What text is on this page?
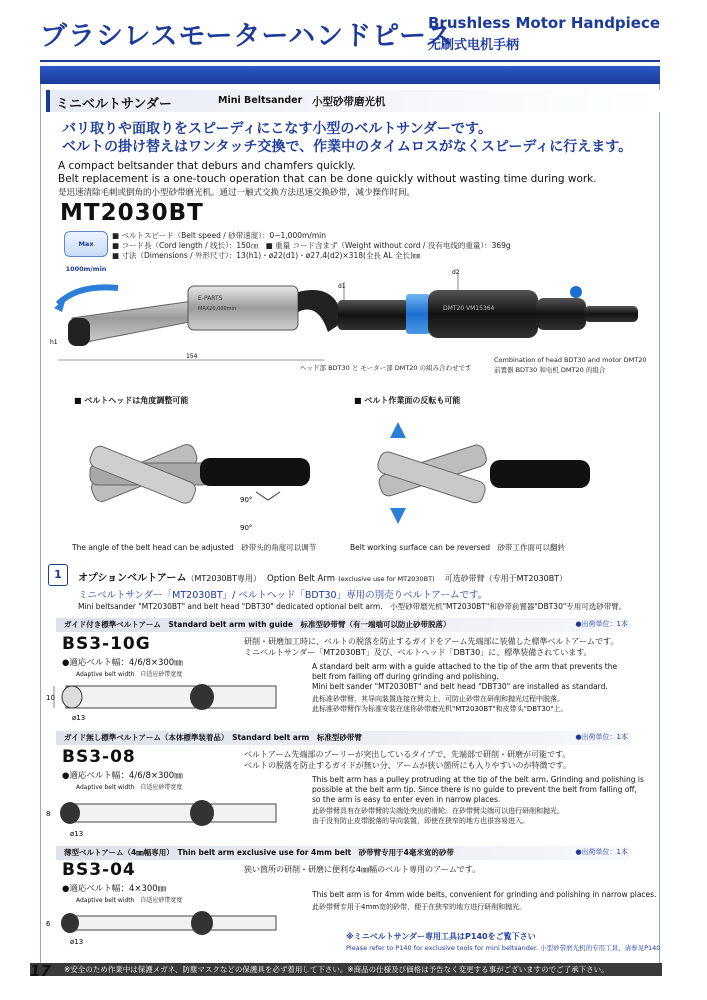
ブラシレスモーターハンドピース
Brushless Motor Handpiece
无刷式电机手柄
ミニベルトサンダー	Mini Beltsander 小型砂带磨光机
バリ取りや面取りをスピーディにこなす小型のベルトサンダーです。
ベルトの掛け替えはワンタッチ交換で、作業中のタイムロスがなくスピーディに行えます。
A compact beltsander that deburs and chamfers quickly.
Belt replacement is a one-touch operation that can be done quickly without wasting time during work.
是迅速清除毛刺或倒角的小型砂带磨光机。通过一触式交换方法迅速交换砂带，减少操作时间。
MT2030BT
Max 1000m/min
■ ベルトスピード（Belt speed / 砂带速度）：0~1,000m/min
■ コード長（Cord length / 线长）：150㎝　■ 重量 コード含まず（Weight without cord / 没有电线的重量）：369g
■ 寸法（Dimensions / 外形尺寸）：13(h1)・ø22(d1)・ø27.4(d2)×318(全長 AL 全长)㎜
E-PARTS
MAX20,000min	DMT20 VM15364
d1
d2
h1
154
ヘッド部 BDT30 と モーター部 DMT20 の組み合わせです
Combination of head BDT30 and motor DMT20
前置器 BDT30 和电机 DMT20 的组合
■ ベルトヘッドは角度調整可能	■ ベルト作業面の反転も可能
90°
90°
The angle of the belt head can be adjusted　砂带头的角度可以调节	Belt working surface can be reversed　砂带工作面可以翻转
1	オプションベルトアーム（MT2030BT専用）　 Option Belt Arm (exclusive use for MT2030BT)　 可选砂带臂（专用于MT2030BT）
ミニベルトサンダー「MT2030BT」/ ベルトヘッド「BDT30」専用の別売りベルトアームです。
Mini beltsander "MT2030BT" and belt head "DBT30" dedicated optional belt arm.　小型砂带磨光机"MT2030BT"和砂带前置器"DBT30"专用可选砂带臂。
ガイド付き標準ベルトアーム　Standard belt arm with guide　标准型砂带臂（有一端端可以防止砂带脱落）	●出荷単位：1本
BS3-10G
●適応ベルト幅：4/6/8×300㎜
Adaptive belt width　自适应砂带宽度
研削・研磨加工時に、ベルトの脱落を防止するガイドをアーム先端部に装備した標準ベルトアームです。
ミニベルトサンダー「MT2030BT」及び、ベルトヘッド「DBT30」に、標準装備されています。
A standard belt arm with a guide attached to the tip of the arm that prevents the
belt from falling off during grinding and polishing.
Mini belt sander "MT2030BT" and belt head "DBT30" are installed as standard.
此标准砂带臂，其导向装置连接在臂尖上，可防止砂带在研削和抛光过程中脱落。
此标准砂带臂作为标准安装在迷你砂带磨光机"MT2030BT"和皮带头"DBT30"上。
10
ø13
ガイド無し標準ベルトアーム（本体標準装着品）　Standard belt arm　标准型砂带臂	●出荷単位：1本
BS3-08
●適応ベルト幅：4/6/8×300㎜
Adaptive belt width　自适应砂带宽度
ベルトアーム先端部のプーリーが突出しているタイプで、先端部で研削・研磨が可能です。
ベルトの脱落を防止するガイドが無い分、アームが狭い箇所にも入りやすいのが特徴です。
This belt arm has a pulley protruding at the tip of the belt arm. Grinding and polishing is
possible at the belt arm tip. Since there is no guide to prevent the belt from falling off,
so the arm is easy to enter even in narrow places.
此砂带臂具有在砂带臂的尖端处突出的滑轮。在砂带臂尖端可以进行研削和抛光。
由于没有防止皮带脱落的导向装置，即使在狭窄的地方也很容易进入。
8
ø13
薄型ベルトアーム（4㎜幅専用）　Thin belt arm exclusive use for 4mm belt　砂带臂专用于4毫米宽的砂带	●出荷単位：1本
BS3-04
●適応ベルト幅：4×300㎜
Adaptive belt width　自适应砂带宽度
狭い箇所の研削・研磨に便利な4㎜幅のベルト専用のアームです。
This belt arm is for 4mm wide belts, convenient for grinding and polishing in narrow places.
此砂带臂专用于4mm宽的砂带，便于在狭窄的地方进行研削和抛光。
6
ø13
※ミニベルトサンダー専用工具はP140をご覧下さい
Please refer to P140 for exclusive tools for mini beltsander. 小型砂带磨光机的专用工具，请参见P140
※安全のため作業中は保護メガネ、防塵マスクなどの保護具を必ず着用して下さい。※商品の仕様及び価格は予告なく変更する事がございますのでご了承下さい。
17
